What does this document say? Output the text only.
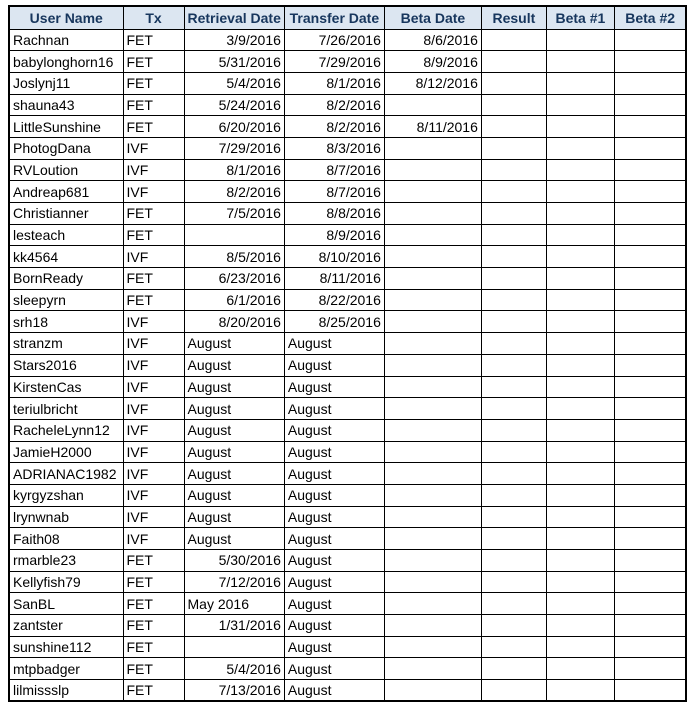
User Name	Tx	Retrieval Date	Transfer Date	Beta Date	Result	Beta #1	Beta #2
Rachnan	FET	3/9/2016	7/26/2016	8/6/2016			
babylonghorn16	FET	5/31/2016	7/29/2016	8/9/2016			
Joslynj11	FET	5/4/2016	8/1/2016	8/12/2016			
shauna43	FET	5/24/2016	8/2/2016				
LittleSunshine	FET	6/20/2016	8/2/2016	8/11/2016			
PhotogDana	IVF	7/29/2016	8/3/2016				
RVLoution	IVF	8/1/2016	8/7/2016				
Andreap681	IVF	8/2/2016	8/7/2016				
Christianner	FET	7/5/2016	8/8/2016				
lesteach	FET		8/9/2016				
kk4564	IVF	8/5/2016	8/10/2016				
BornReady	FET	6/23/2016	8/11/2016				
sleepyrn	FET	6/1/2016	8/22/2016				
srh18	IVF	8/20/2016	8/25/2016				
stranzm	IVF	August	August				
Stars2016	IVF	August	August				
KirstenCas	IVF	August	August				
teriulbricht	IVF	August	August				
RacheleLynn12	IVF	August	August				
JamieH2000	IVF	August	August				
ADRIANAC1982	IVF	August	August				
kyrgyzshan	IVF	August	August				
lrynwnab	IVF	August	August				
Faith08	IVF	August	August				
rmarble23	FET	5/30/2016	August				
Kellyfish79	FET	7/12/2016	August				
SanBL	FET	May 2016	August				
zantster	FET	1/31/2016	August				
sunshine112	FET		August				
mtpbadger	FET	5/4/2016	August				
lilmissslp	FET	7/13/2016	August				
